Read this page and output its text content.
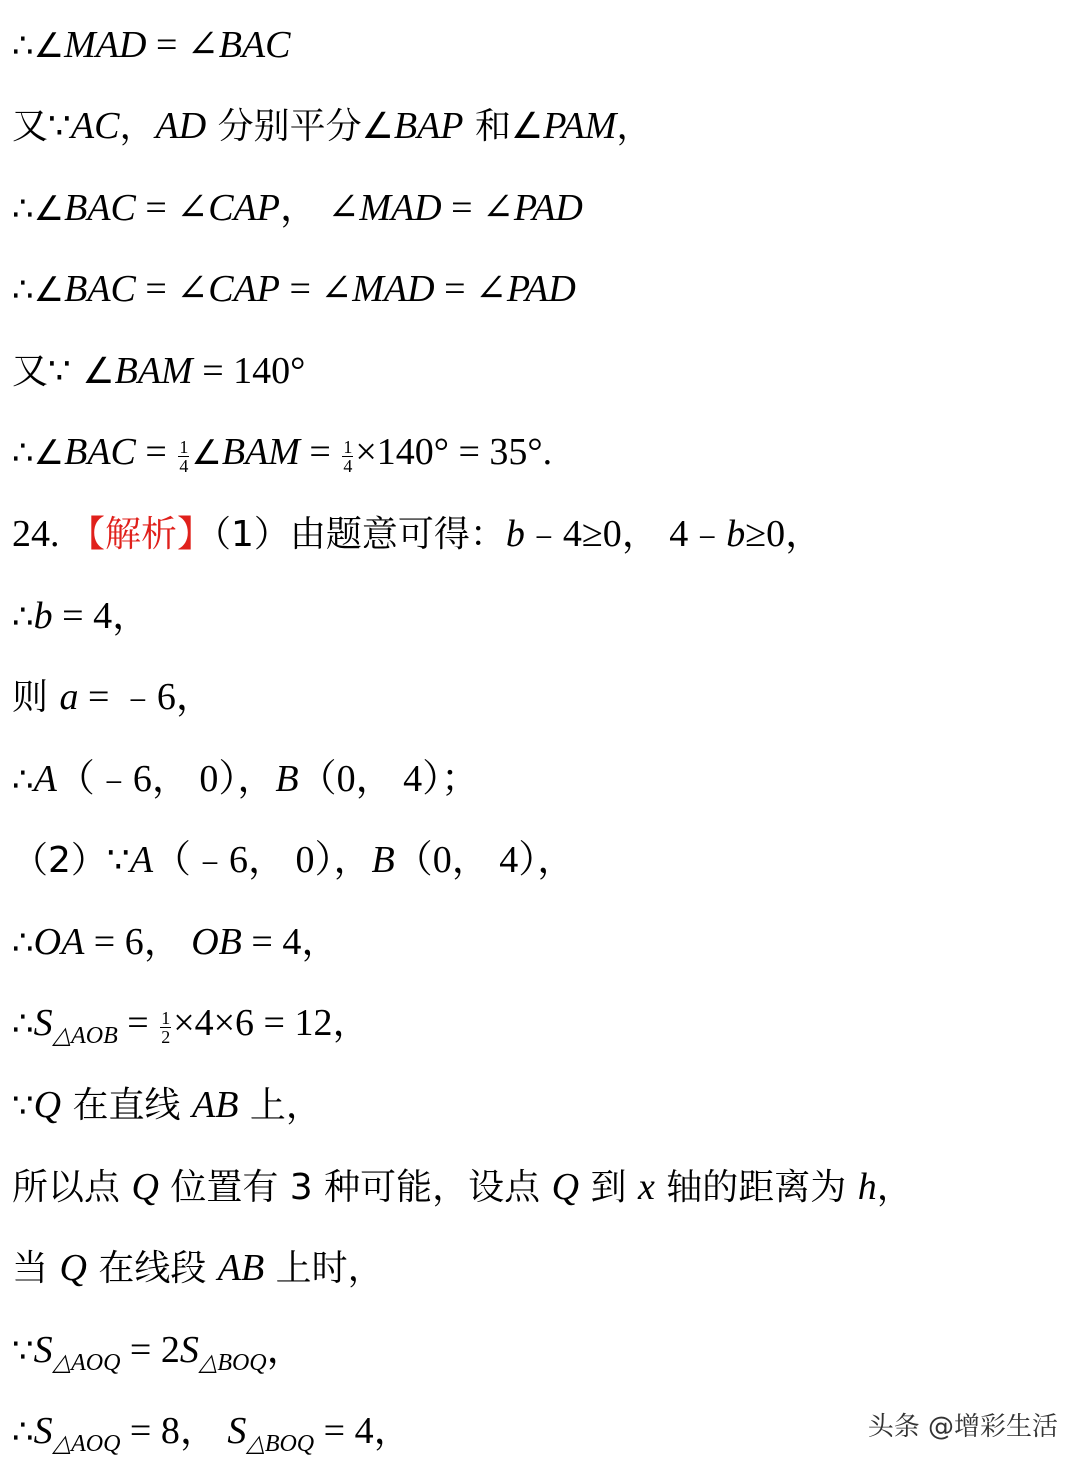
∴∠MAD = ∠BAC
又∵AC，AD 分别平分∠BAP 和∠PAM，
∴∠BAC = ∠CAP， ∠MAD = ∠PAD
∴∠BAC = ∠CAP = ∠MAD = ∠PAD
又∵ ∠BAM = 140°
∴∠BAC = $\frac{1}{4}$ ∠BAM = $\frac{1}{4} \times 140^\circ = 35^\circ$.
24. 【解析】（1）由题意可得：b﹣4≥0， 4﹣b≥0，
∴b = 4，
则 a = ﹣6，
∴A（﹣6， 0），B（0， 4）；
（2）∵A（﹣6， 0），B（0， 4），
∴OA = 6， OB = 4，
$\therefore S_{\triangle AOB} = \frac{1}{2} \times 4\times 6 = 12$，
∵Q 在直线 AB 上，
所以点 Q 位置有 3 种可能，设点 Q 到 x 轴的距离为 h，
当 Q 在线段 AB 上时，
$\because S_{\triangle AOQ} = 2S_{\triangle BOQ}$，
$\therefore S_{\triangle AOQ} = 8$， $S_{\triangle BOQ} = 4$，	头条 @增彩生活
